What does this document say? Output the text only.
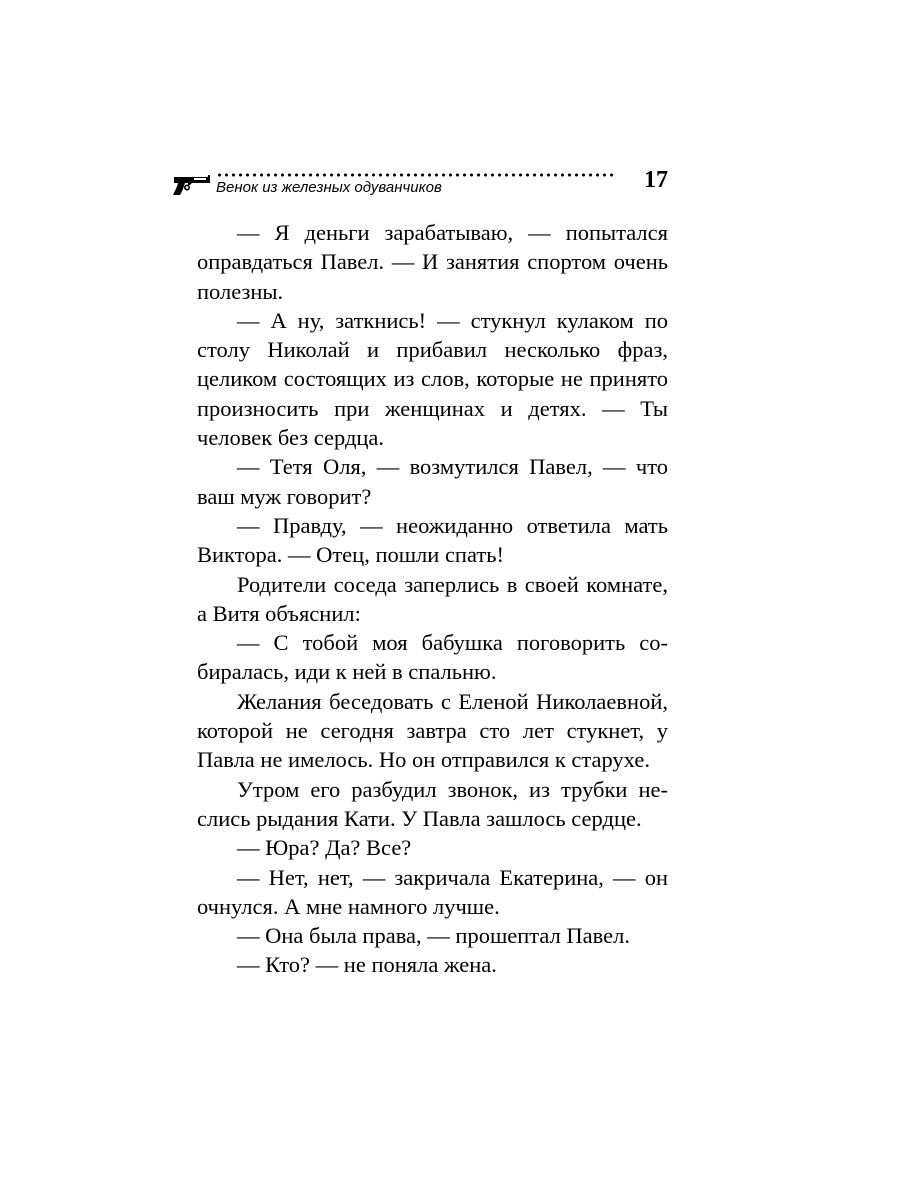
Венок из железных одуванчиков	17

— Я деньги зарабатываю, — попытался оправдаться Павел. — И занятия спортом очень полезны.

— А ну, заткнись! — стукнул кулаком по столу Николай и прибавил несколько фраз, целиком состоящих из слов, которые не принято произносить при женщинах и детях. — Ты человек без сердца.

— Тетя Оля, — возмутился Павел, — что ваш муж говорит?

— Правду, — неожиданно ответила мать Виктора. — Отец, пошли спать!

Родители соседа заперлись в своей комнате, а Витя объяснил:

— С тобой моя бабушка поговорить собиралась, иди к ней в спальню.

Желания беседовать с Еленой Николаевной, которой не сегодня завтра сто лет стукнет, у Павла не имелось. Но он отправился к старухе.

Утром его разбудил звонок, из трубки неслись рыдания Кати. У Павла зашлось сердце.

— Юра? Да? Все?

— Нет, нет, — закричала Екатерина, — он очнулся. А мне намного лучше.

— Она была права, — прошептал Павел.

— Кто? — не поняла жена.
